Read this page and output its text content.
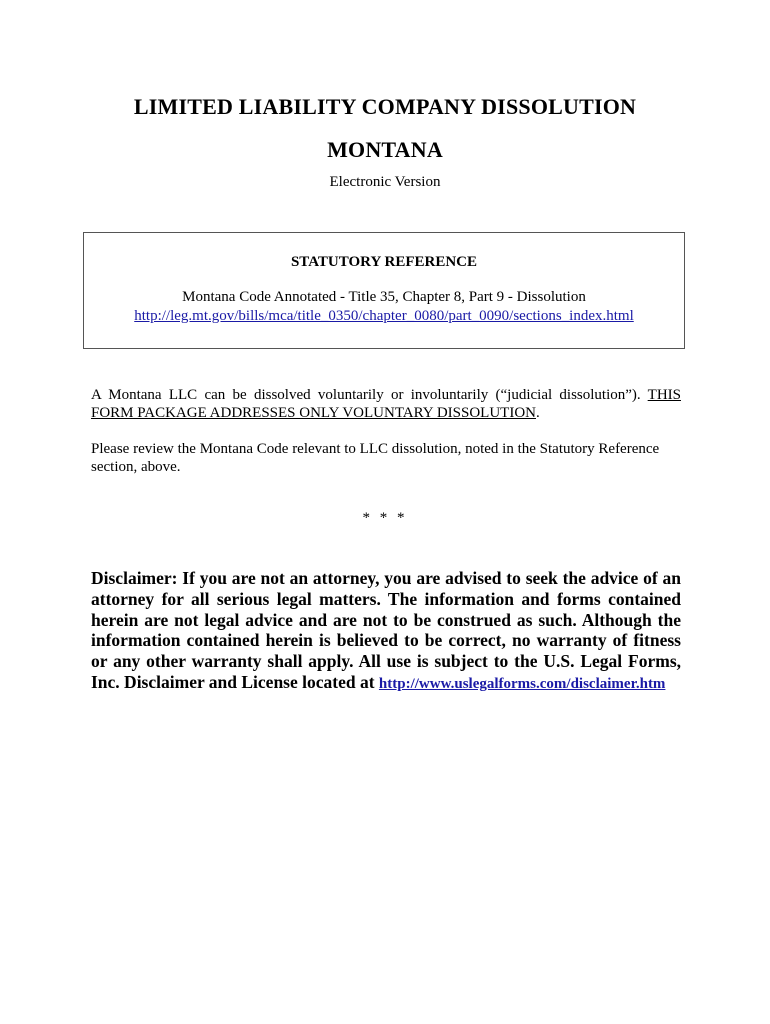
LIMITED LIABILITY COMPANY DISSOLUTION
MONTANA
Electronic Version
STATUTORY REFERENCE
Montana Code Annotated - Title 35, Chapter 8, Part 9 - Dissolution
http://leg.mt.gov/bills/mca/title_0350/chapter_0080/part_0090/sections_index.html
A Montana LLC can be dissolved voluntarily or involuntarily (“judicial dissolution”). THIS FORM PACKAGE ADDRESSES ONLY VOLUNTARY DISSOLUTION.
Please review the Montana Code relevant to LLC dissolution, noted in the Statutory Reference section, above.
* * *
Disclaimer: If you are not an attorney, you are advised to seek the advice of an attorney for all serious legal matters. The information and forms contained herein are not legal advice and are not to be construed as such. Although the information contained herein is believed to be correct, no warranty of fitness or any other warranty shall apply. All use is subject to the U.S. Legal Forms, Inc. Disclaimer and License located at http://www.uslegalforms.com/disclaimer.htm
